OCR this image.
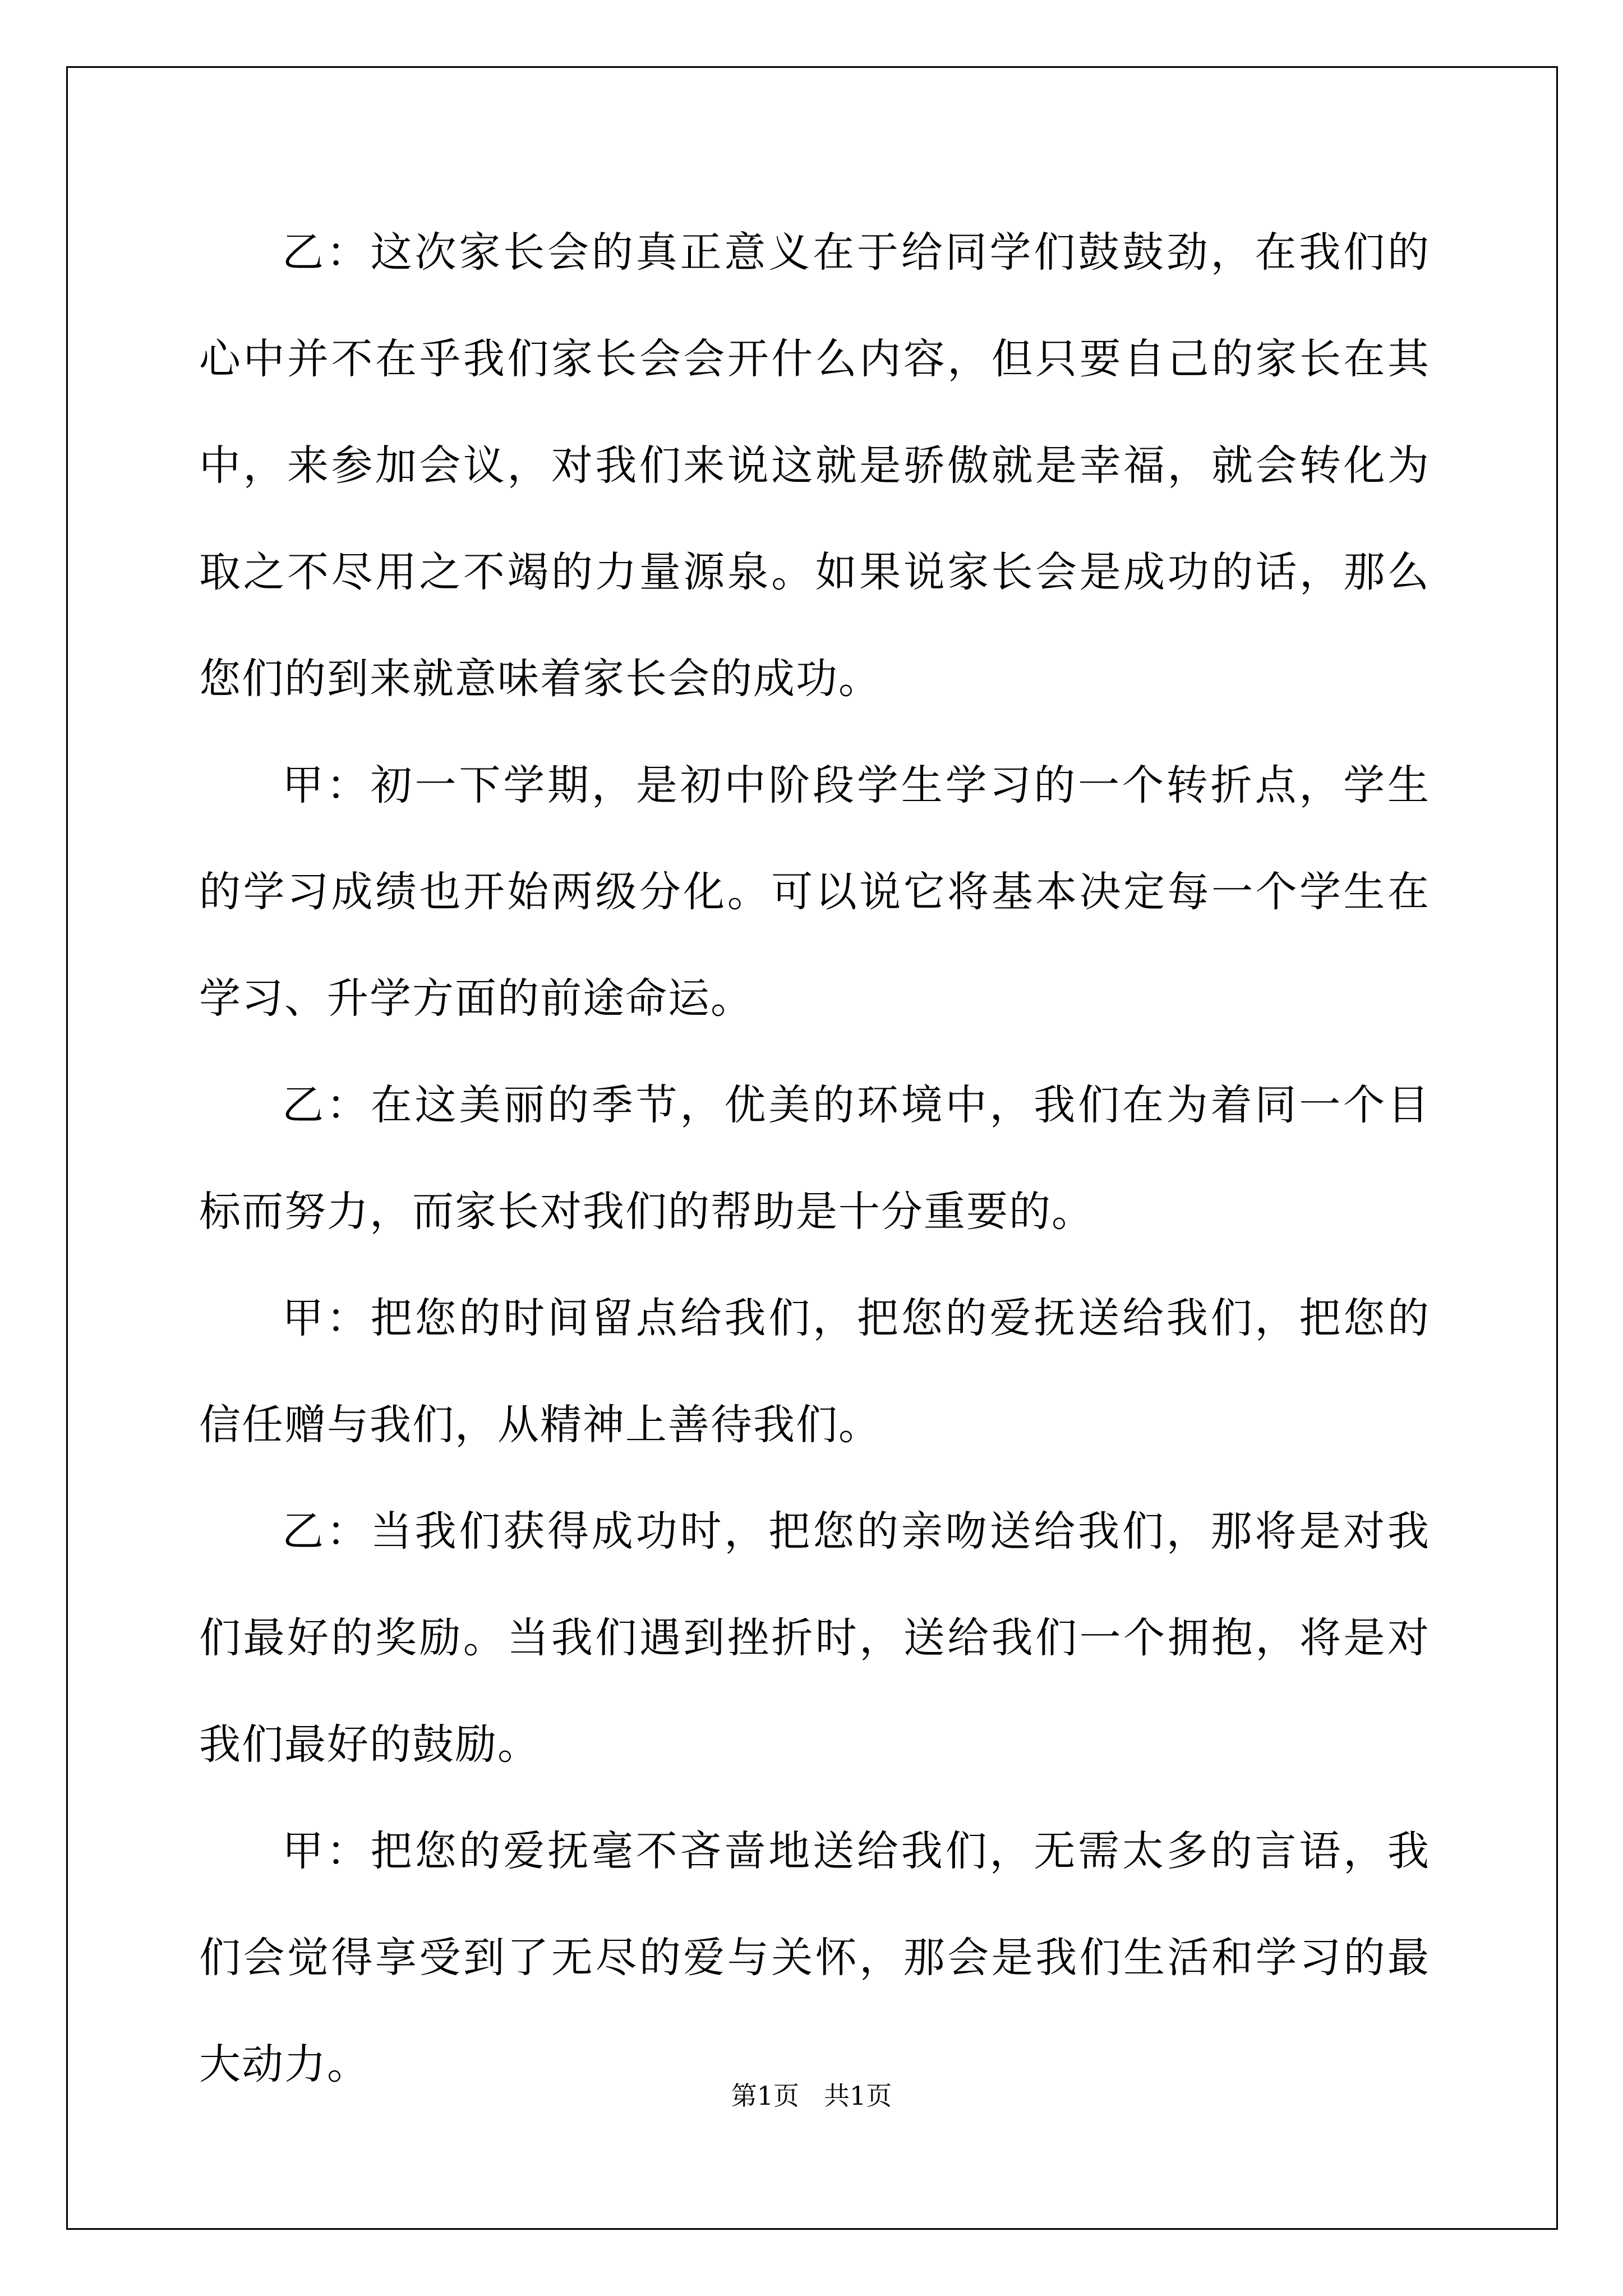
乙：这次家长会的真正意义在于给同学们鼓鼓劲，在我们的心中并不在乎我们家长会会开什么内容，但只要自己的家长在其中，来参加会议，对我们来说这就是骄傲就是幸福，就会转化为取之不尽用之不竭的力量源泉。如果说家长会是成功的话，那么您们的到来就意味着家长会的成功。

甲：初一下学期，是初中阶段学生学习的一个转折点，学生的学习成绩也开始两级分化。可以说它将基本决定每一个学生在学习、升学方面的前途命运。

乙：在这美丽的季节，优美的环境中，我们在为着同一个目标而努力，而家长对我们的帮助是十分重要的。

甲：把您的时间留点给我们，把您的爱抚送给我们，把您的信任赠与我们，从精神上善待我们。

乙：当我们获得成功时，把您的亲吻送给我们，那将是对我们最好的奖励。当我们遇到挫折时，送给我们一个拥抱，将是对我们最好的鼓励。

甲：把您的爱抚毫不吝啬地送给我们，无需太多的言语，我们会觉得享受到了无尽的爱与关怀，那会是我们生活和学习的最大动力。

第1页 共1页
